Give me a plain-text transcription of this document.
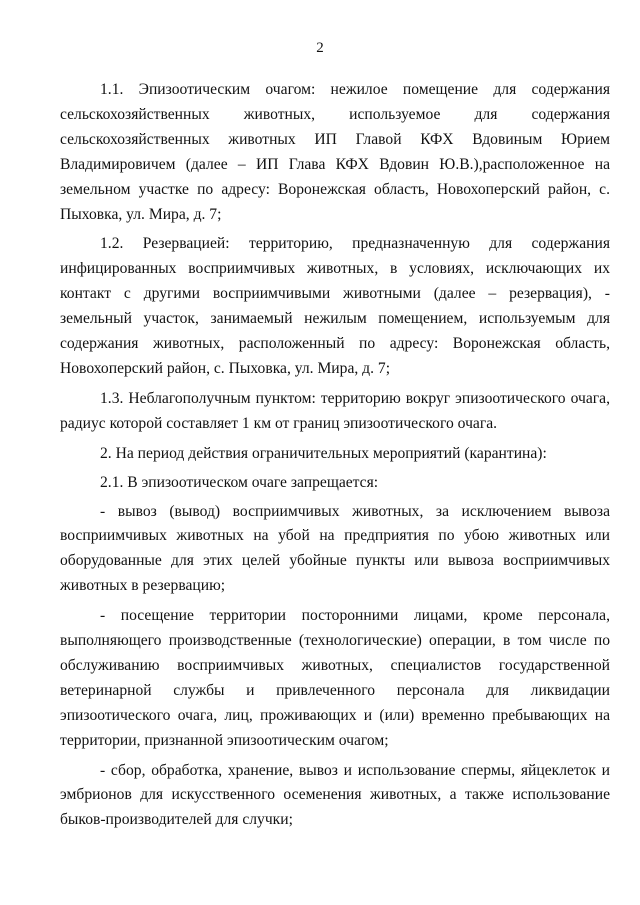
2

1.1. Эпизоотическим очагом: нежилое помещение для содержания сельскохозяйственных животных, используемое для содержания сельскохозяйственных животных ИП Главой КФХ Вдовиным Юрием Владимировичем (далее – ИП Глава КФХ Вдовин Ю.В.),расположенное на земельном участке по адресу: Воронежская область, Новохоперский район, с. Пыховка, ул. Мира, д. 7;

1.2. Резервацией: территорию, предназначенную для содержания инфицированных восприимчивых животных, в условиях, исключающих их контакт с другими восприимчивыми животными (далее – резервация), - земельный участок, занимаемый нежилым помещением, используемым для содержания животных, расположенный по адресу: Воронежская область, Новохоперский район, с. Пыховка, ул. Мира, д. 7;

1.3. Неблагополучным пунктом: территорию вокруг эпизоотического очага, радиус которой составляет 1 км от границ эпизоотического очага.

2. На период действия ограничительных мероприятий (карантина):

2.1. В эпизоотическом очаге запрещается:

- вывоз (вывод) восприимчивых животных, за исключением вывоза восприимчивых животных на убой на предприятия по убою животных или оборудованные для этих целей убойные пункты или вывоза восприимчивых животных в резервацию;

- посещение территории посторонними лицами, кроме персонала, выполняющего производственные (технологические) операции, в том числе по обслуживанию восприимчивых животных, специалистов государственной ветеринарной службы и привлеченного персонала для ликвидации эпизоотического очага, лиц, проживающих и (или) временно пребывающих на территории, признанной эпизоотическим очагом;

- сбор, обработка, хранение, вывоз и использование спермы, яйцеклеток и эмбрионов для искусственного осеменения животных, а также использование быков-производителей для случки;
